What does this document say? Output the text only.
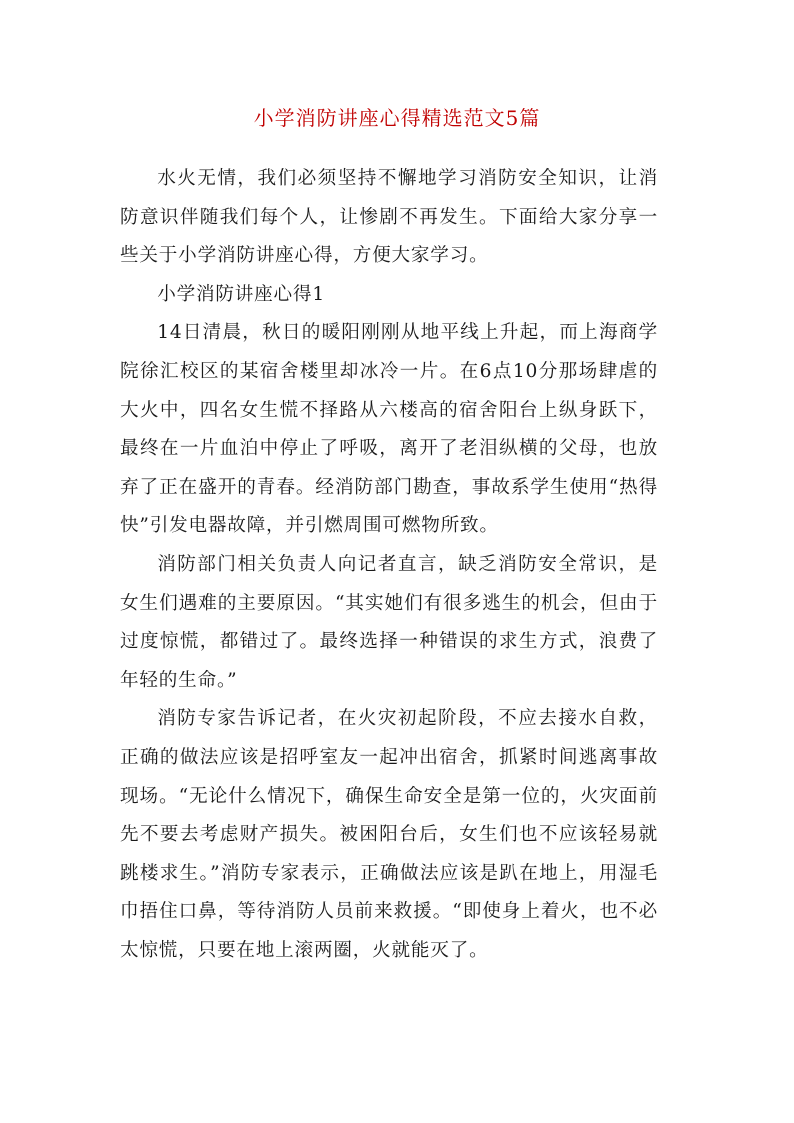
小学消防讲座心得精选范文5篇

水火无情，我们必须坚持不懈地学习消防安全知识，让消防意识伴随我们每个人，让惨剧不再发生。下面给大家分享一些关于小学消防讲座心得，方便大家学习。

小学消防讲座心得1

14日清晨，秋日的暖阳刚刚从地平线上升起，而上海商学院徐汇校区的某宿舍楼里却冰冷一片。在6点10分那场肆虐的大火中，四名女生慌不择路从六楼高的宿舍阳台上纵身跃下，最终在一片血泊中停止了呼吸，离开了老泪纵横的父母，也放弃了正在盛开的青春。经消防部门勘查，事故系学生使用“热得快”引发电器故障，并引燃周围可燃物所致。

消防部门相关负责人向记者直言，缺乏消防安全常识，是女生们遇难的主要原因。“其实她们有很多逃生的机会，但由于过度惊慌，都错过了。最终选择一种错误的求生方式，浪费了年轻的生命。”

消防专家告诉记者，在火灾初起阶段，不应去接水自救，正确的做法应该是招呼室友一起冲出宿舍，抓紧时间逃离事故现场。“无论什么情况下，确保生命安全是第一位的，火灾面前先不要去考虑财产损失。被困阳台后，女生们也不应该轻易就跳楼求生。”消防专家表示，正确做法应该是趴在地上，用湿毛巾捂住口鼻，等待消防人员前来救援。“即使身上着火，也不必太惊慌，只要在地上滚两圈，火就能灭了。
